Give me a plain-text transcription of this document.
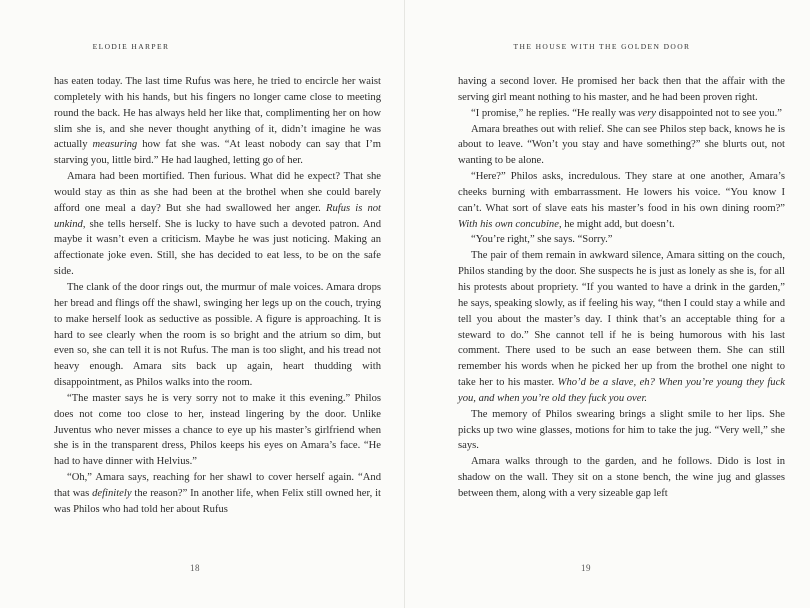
ELODIE HARPER

has eaten today. The last time Rufus was here, he tried to encircle her waist completely with his hands, but his fingers no longer came close to meeting round the back. He has always held her like that, complimenting her on how slim she is, and she never thought anything of it, didn’t imagine he was actually measuring how fat she was. “At least nobody can say that I’m starving you, little bird.” He had laughed, letting go of her.

Amara had been mortified. Then furious. What did he expect? That she would stay as thin as she had been at the brothel when she could barely afford one meal a day? But she had swallowed her anger. Rufus is not unkind, she tells herself. She is lucky to have such a devoted patron. And maybe it wasn’t even a criticism. Maybe he was just noticing. Making an affectionate joke even. Still, she has decided to eat less, to be on the safe side.

The clank of the door rings out, the murmur of male voices. Amara drops her bread and flings off the shawl, swinging her legs up on the couch, trying to make herself look as seductive as possible. A figure is approaching. It is hard to see clearly when the room is so bright and the atrium so dim, but even so, she can tell it is not Rufus. The man is too slight, and his tread not heavy enough. Amara sits back up again, heart thudding with disappointment, as Philos walks into the room.

“The master says he is very sorry not to make it this evening.” Philos does not come too close to her, instead lingering by the door. Unlike Juventus who never misses a chance to eye up his master’s girlfriend when she is in the transparent dress, Philos keeps his eyes on Amara’s face. “He had to have dinner with Helvius.”

“Oh,” Amara says, reaching for her shawl to cover herself again. “And that was definitely the reason?” In another life, when Felix still owned her, it was Philos who had told her about Rufus

18
THE HOUSE WITH THE GOLDEN DOOR

having a second lover. He promised her back then that the affair with the serving girl meant nothing to his master, and he had been proven right.

“I promise,” he replies. “He really was very disappointed not to see you.”

Amara breathes out with relief. She can see Philos step back, knows he is about to leave. “Won’t you stay and have something?” she blurts out, not wanting to be alone.

“Here?” Philos asks, incredulous. They stare at one another, Amara’s cheeks burning with embarrassment. He lowers his voice. “You know I can’t. What sort of slave eats his master’s food in his own dining room?” With his own concubine, he might add, but doesn’t.

“You’re right,” she says. “Sorry.”

The pair of them remain in awkward silence, Amara sitting on the couch, Philos standing by the door. She suspects he is just as lonely as she is, for all his protests about propriety. “If you wanted to have a drink in the garden,” he says, speaking slowly, as if feeling his way, “then I could stay a while and tell you about the master’s day. I think that’s an acceptable thing for a steward to do.” She cannot tell if he is being humorous with his last comment. There used to be such an ease between them. She can still remember his words when he picked her up from the brothel one night to take her to his master. Who’d be a slave, eh? When you’re young they fuck you, and when you’re old they fuck you over.

The memory of Philos swearing brings a slight smile to her lips. She picks up two wine glasses, motions for him to take the jug. “Very well,” she says.

Amara walks through to the garden, and he follows. Dido is lost in shadow on the wall. They sit on a stone bench, the wine jug and glasses between them, along with a very sizeable gap left

19
